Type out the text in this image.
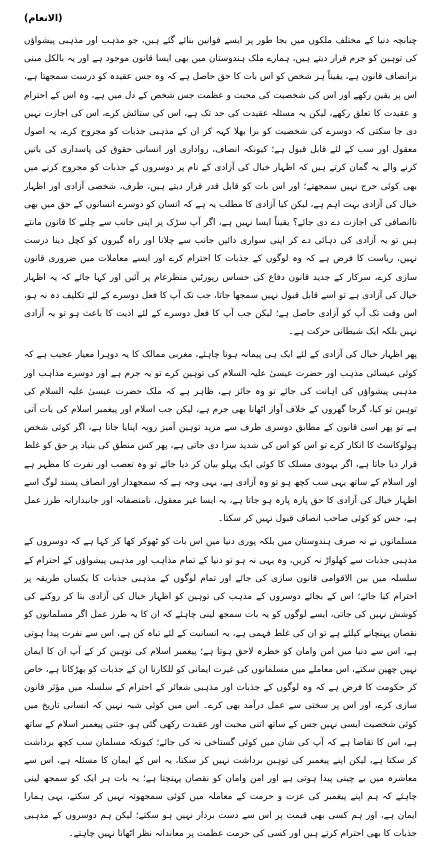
(الانعام)

چنانچہ دنیا کے مختلف ملکوں میں بجا طور پر ایسے قوانین بنائے گئے ہیں، جو مذہب اور مذہبی پیشواؤں کی توہین کو جرم قرار دیتے ہیں، ہمارے ملک ہندوستان میں بھی ایسا قانون موجود ہے اور یہ بالکل مبنی برانصاف قانون ہے، یقیناً ہر شخص کو اس بات کا حق حاصل ہے کہ وہ جس عقیدہ کو درست سمجھتا ہے، اس پر یقین رکھے اور اس کی شخصیت کی محبت و عظمت جس شخص کے دل میں ہے، وہ اس کے احترام و عقیدت کا تعلق رکھے، لیکن یہ مسئلہ عقیدت کی حد تک ہے، اس کی ستائش کرے، اس کی اجازت نہیں دی جا سکتی کہ دوسرے کی شخصیت کو برا بھلا کہہ کر ان کے مذہبی جذبات کو مجروح کرے، یہ اصول معقول اور سب کے لئے قابل قبول ہے؛ کیونکہ انصاف، رواداری اور انسانی حقوق کی پاسداری کی باتیں کرنے والے یہ گمان کرتے ہیں کہ اظہار خیال کی آزادی کے نام پر دوسروں کے جذبات کو مجروح کرنے میں بھی کوئی حرج نہیں سمجھتے؛ اور اس بات کو قابل قدر قرار دیتے ہیں، طرف، شخصی آزادی اور اظہار خیال کی آزادی بہت اہم ہے، لیکن کیا آزادی کا مطلب یہ ہے کہ انسان کو دوسرے انسانوں کے حق میں بھی ناانصافی کی اجازت دے دی جائے؟ یقیناً ایسا نہیں ہے، اگر آپ سڑک پر اپنی جانب سے چلنے کا قانون مانتے ہیں تو یہ آزادی کی دہائی دے کر اپنی سواری دائیں جانب سے چلانا اور راہ گیروں کو کچل دینا درست نہیں، ریاست کا فرض ہے کہ وہ لوگوں کے جذبات کا احترام کرے اور ایسے معاملات میں ضروری قانون سازی کرے، سرکار کے جدید قانون دفاع کی حساس رپورٹیں منظرعام پر آئیں اور کہا جائے کہ یہ اظہار خیال کی آزادی ہے تو اسے قابل قبول نہیں سمجھا جاتا، جب تک آپ کا فعل دوسرے کے لئے تکلیف دہ نہ ہو، اس وقت تک آپ کو آزادی حاصل ہے؛ لیکن جب آپ کا فعل دوسرے کے لئے اذیت کا باعث ہو تو یہ آزادی نہیں بلکہ ایک شیطانی حرکت ہے۔

پھر اظہار خیال کی آزادی کے لئے ایک ہی پیمانہ ہونا چاہئے، مغربی ممالک کا یہ دوہرا معیار عجیب ہے کہ کوئی عیسائی مذہب اور حضرت عیسیٰ علیہ السلام کی توہین کرے تو یہ جرم ہے اور دوسرے مذاہب اور مذہبی پیشواؤں کی اہانت کی جائے تو وہ جائز ہے، ظاہر ہے کہ ملک حضرت عیسیٰ علیہ السلام کی توہین تو کیا، گرجا گھروں کے خلاف آواز اٹھانا بھی جرم ہے، لیکن جب اسلام اور پیغمبر اسلام کی بات آتی ہے تو پھر اسی قانون کے مطابق دوسری طرف سے مزید توہین آمیز رویہ اپنایا جاتا ہے، اگر کوئی شخص ہولوکاسٹ کا انکار کرے تو اس کو اس کی شدید سزا دی جاتی ہے، پھر کس منطق کی بنیاد پر حق کو غلط قرار دیا جاتا ہے، اگر یہودی مسلک کا کوئی ایک پہلو بیان کر دیا جائے تو وہ تعصب اور نفرت کا مظہر ہے اور اسلام کے ساتھ یہی سب کچھ ہو تو وہ آزادی ہے، یہی وجہ ہے کہ سمجھدار اور انصاف پسند لوگ اسے اظہار خیال کی آزادی کا حق پارہ پارہ ہو جاتا ہے، یہ ایسا غیر معقول، نامنصفانہ اور جانبدارانہ طرز عمل ہے، جس کو کوئی صاحب انصاف قبول نہیں کر سکتا۔

مسلمانوں نے نہ صرف ہندوستان میں بلکہ پوری دنیا میں اس بات کو ٹھوکر کھا کر کہا ہے کہ دوسروں کے مذہبی جذبات سے کھلواڑ نہ کریں، وہ یہی نہ ہو تو دنیا کے تمام مذاہب اور مذہبی پیشواؤں کے احترام کے سلسلہ میں بین الاقوامی قانون سازی کی جائے اور تمام لوگوں کے مذہبی جذبات کا یکساں طریقہ پر احترام کیا جائے؛ اس کے بجائے دوسروں کے مذہب کی توہین کو اظہار خیال کی آزادی بتا کر روکنے کی کوشش نہیں کی جاتی، ایسے لوگوں کو یہ بات سمجھ لینی چاہئے کہ ان کا یہ طرز عمل اگر مسلمانوں کو نقصان پہنچانے کیلئے ہے تو ان کی غلط فہمی ہے، یہ انسانیت کے لئے تباہ کن ہے، اس سے نفرت پیدا ہوتی ہے، اس سے دنیا میں امن وامان کو خطرہ لاحق ہوتا ہے؛ پیغمبر اسلام کی توہین کر کے آپ ان کا ایمان نہیں چھین سکتے، اس معاملے میں مسلمانوں کی غیرت ایمانی کو للکارنا ان کے جذبات کو بھڑکانا ہے، خاص کر حکومت کا فرض ہے کہ وہ لوگوں کے جذبات اور مذہبی شعائر کے احترام کے سلسلہ میں مؤثر قانون سازی کرے، اور اس پر سختی سے عمل درآمد بھی کرے۔ اس میں کوئی شبہ نہیں کہ انسانی تاریخ میں کوئی شخصیت ایسی نہیں جس کے ساتھ اتنی محبت اور عقیدت رکھی گئی ہو، جتنی پیغمبر اسلام کے ساتھ ہے، اس کا تقاضا ہے کہ آپ کی شان میں کوئی گستاخی نہ کی جائے؛ کیونکہ مسلمان سب کچھ برداشت کر سکتا ہے، لیکن اپنے پیغمبر کی توہین برداشت نہیں کر سکتا، یہ اس کے ایمان کا مسئلہ ہے، اس سے معاشرہ میں بے چینی پیدا ہوتی ہے اور امن وامان کو نقصان پہنچتا ہے؛ یہ بات ہر ایک کو سمجھ لینی چاہئے کہ ہم اپنے پیغمبر کی عزت و حرمت کے معاملہ میں کوئی سمجھوتہ نہیں کر سکتے، یہی ہمارا ایمان ہے، اور ہم کسی بھی قیمت پر اس سے دست بردار نہیں ہو سکتے؛ لیکن ہم دوسروں کے مذہبی جذبات کا بھی احترام کرتے ہیں اور کسی کی حرمت عظمت پر معاندانہ نظر اٹھانا نہیں چاہتے۔
